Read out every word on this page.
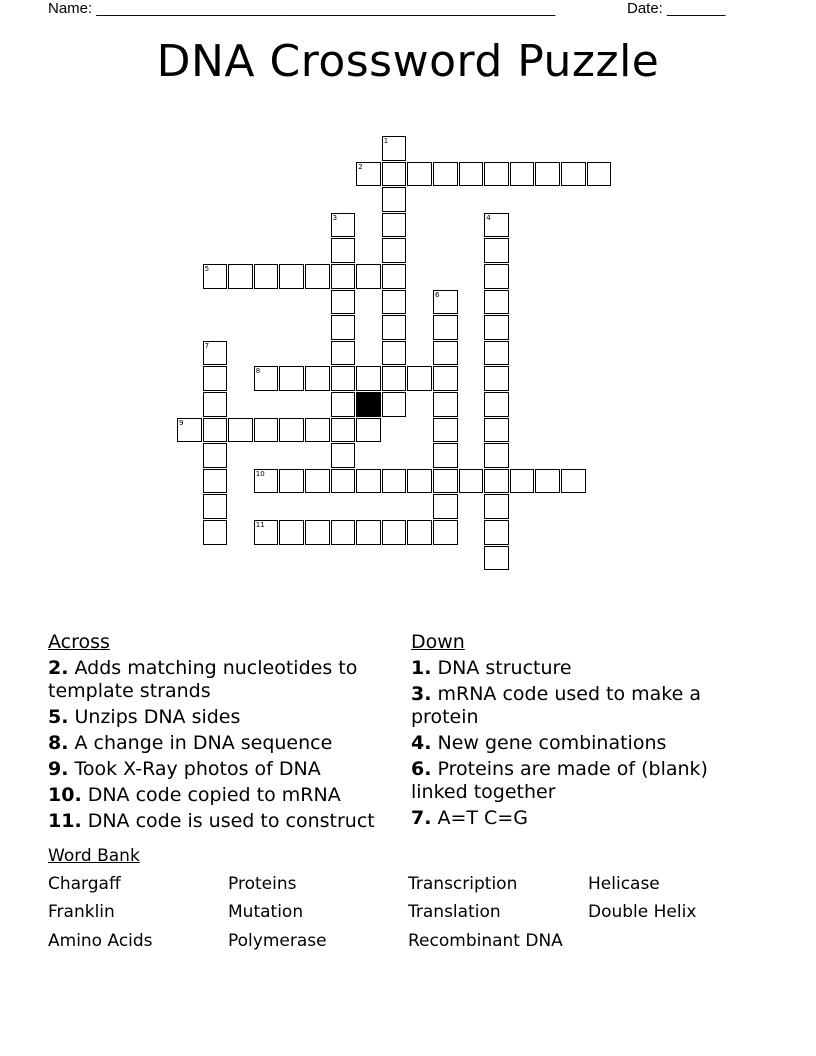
Name: _______________________________________________________	Date: _______
DNA Crossword Puzzle
1
2
3	4
5
6
7
8
9
10
11
Across
2. Adds matching nucleotides to template strands
5. Unzips DNA sides
8. A change in DNA sequence
9. Took X-Ray photos of DNA
10. DNA code copied to mRNA
11. DNA code is used to construct
Down
1. DNA structure
3. mRNA code used to make a protein
4. New gene combinations
6. Proteins are made of (blank) linked together
7. A=T C=G
Word Bank
Chargaff	Proteins	Transcription	Helicase
Franklin	Mutation	Translation	Double Helix
Amino Acids	Polymerase	Recombinant DNA
